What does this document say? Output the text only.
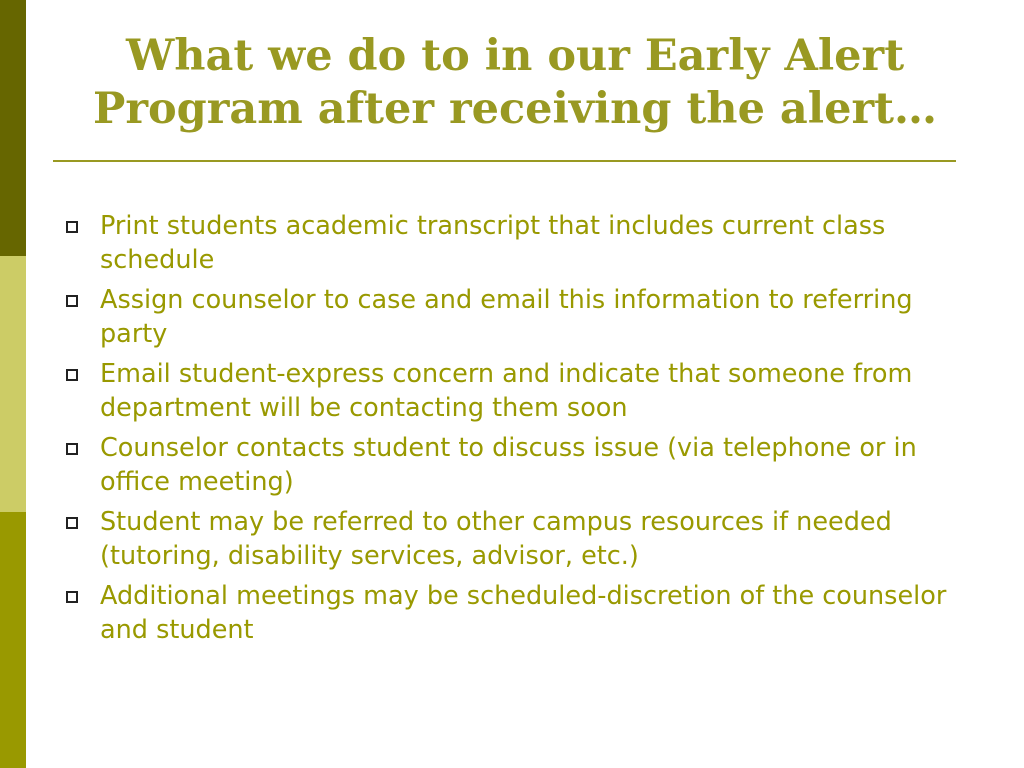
What we do to in our Early Alert
Program after receiving the alert…
Print students academic transcript that includes current class schedule
Assign counselor to case and email this information to referring party
Email student-express concern and indicate that someone from department will be contacting them soon
Counselor contacts student to discuss issue (via telephone or in office meeting)
Student may be referred to other campus resources if needed (tutoring, disability services, advisor, etc.)
Additional meetings may be scheduled-discretion of the counselor and student
